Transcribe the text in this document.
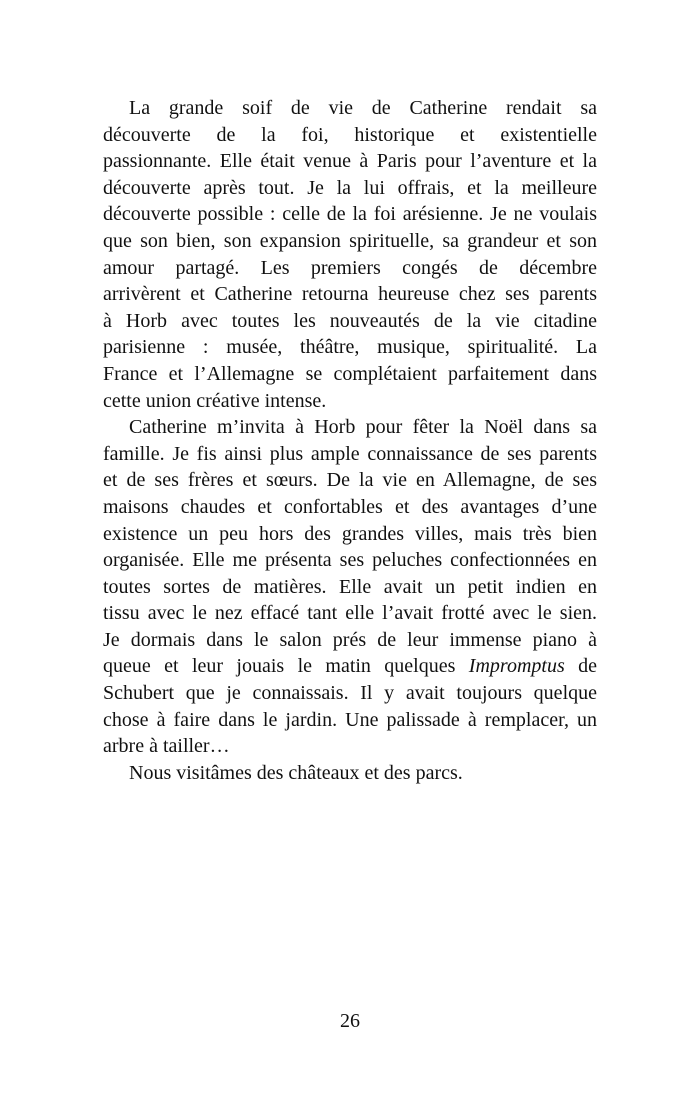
La grande soif de vie de Catherine rendait sa
découverte de la foi, historique et existentielle
passionnante. Elle était venue à Paris pour l’aventure et la
découverte après tout. Je la lui offrais, et la meilleure
découverte possible : celle de la foi arésienne. Je ne voulais
que son bien, son expansion spirituelle, sa grandeur et son
amour partagé. Les premiers congés de décembre
arrivèrent et Catherine retourna heureuse chez ses parents
à Horb avec toutes les nouveautés de la vie citadine
parisienne : musée, théâtre, musique, spiritualité. La
France et l’Allemagne se complétaient parfaitement dans
cette union créative intense.
Catherine m’invita à Horb pour fêter la Noël dans sa
famille. Je fis ainsi plus ample connaissance de ses parents
et de ses frères et sœurs. De la vie en Allemagne, de ses
maisons chaudes et confortables et des avantages d’une
existence un peu hors des grandes villes, mais très bien
organisée. Elle me présenta ses peluches confectionnées en
toutes sortes de matières. Elle avait un petit indien en
tissu avec le nez effacé tant elle l’avait frotté avec le sien.
Je dormais dans le salon prés de leur immense piano à
queue et leur jouais le matin quelques Impromptus de
Schubert que je connaissais. Il y avait toujours quelque
chose à faire dans le jardin. Une palissade à remplacer, un
arbre à tailler…
Nous visitâmes des châteaux et des parcs.
26
